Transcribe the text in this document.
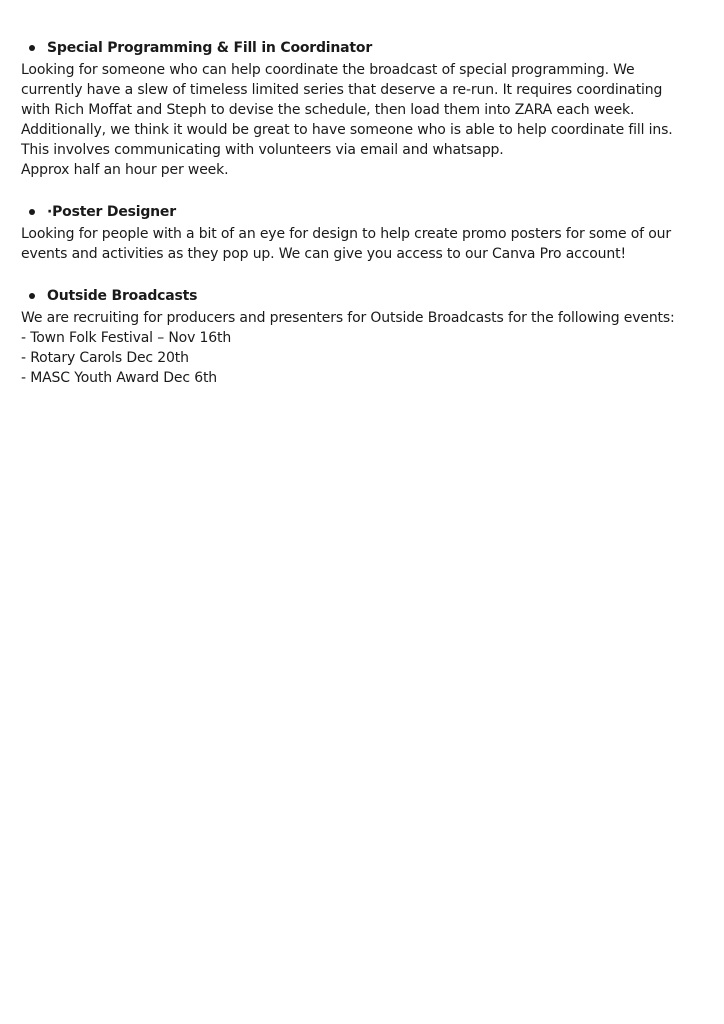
Special Programming & Fill in Coordinator
Looking for someone who can help coordinate the broadcast of special programming. We
currently have a slew of timeless limited series that deserve a re-run. It requires coordinating
with Rich Moffat and Steph to devise the schedule, then load them into ZARA each week.
Additionally, we think it would be great to have someone who is able to help coordinate fill ins.
This involves communicating with volunteers via email and whatsapp.
Approx half an hour per week.
·Poster Designer
Looking for people with a bit of an eye for design to help create promo posters for some of our
events and activities as they pop up. We can give you access to our Canva Pro account!
Outside Broadcasts
We are recruiting for producers and presenters for Outside Broadcasts for the following events:
- Town Folk Festival – Nov 16th
- Rotary Carols Dec 20th
- MASC Youth Award Dec 6th
